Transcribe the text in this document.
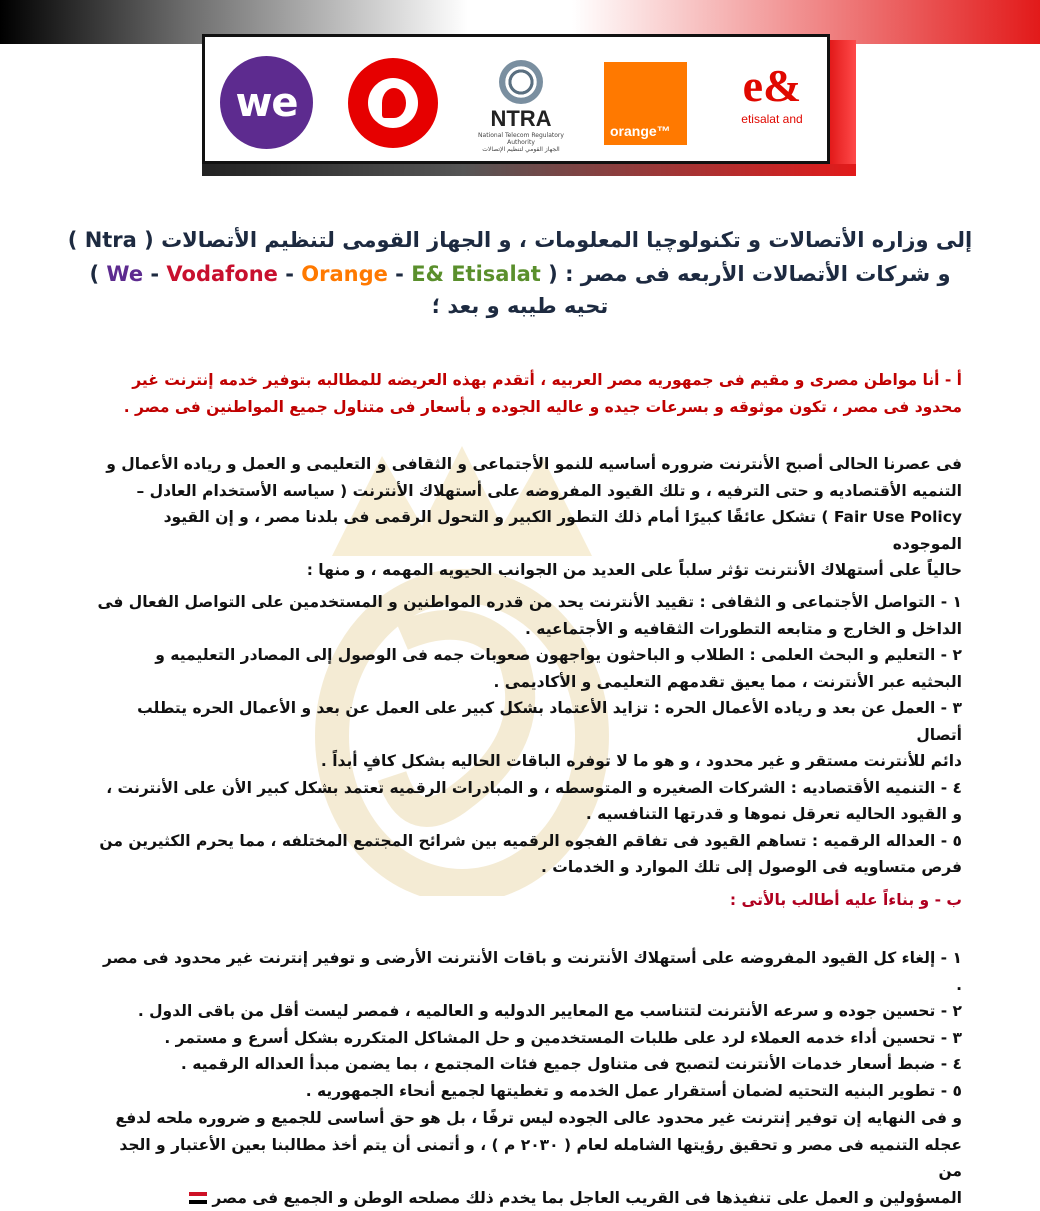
we	NTRA
National Telecom Regulatory Authority
الجهاز القومي لتنظيم الإتصالات
orange™
e&
etisalat and
إلى وزاره الأتصالات و تكنولوچيا المعلومات ، و الجهاز القومى لتنظيم الأتصالات ( Ntra )
و شركات الأتصالات الأربعه فى مصر : ( We - Vodafone - Orange - E& Etisalat )
تحيه طيبه و بعد ؛
أ - أنا مواطن مصرى و مقيم فى جمهوريه مصر العربيه ، أتقدم بهذه العريضه للمطالبه بتوفير خدمه إنترنت غير
محدود فى مصر ، تكون موثوقه و بسرعات جيده و عاليه الجوده و بأسعار فى متناول جميع المواطنين فى مصر .
فى عصرنا الحالى أصبح الأنترنت ضروره أساسيه للنمو الأجتماعى و الثقافى و التعليمى و العمل و رياده الأعمال و
التنميه الأقتصاديه و حتى الترفيه ، و تلك القيود المفروضه على أستهلاك الأنترنت ( سياسه الأستخدام العادل –
Fair Use Policy ) تشكل عائقًا كبيرًا أمام ذلك التطور الكبير و التحول الرقمى فى بلدنا مصر ، و إن القيود الموجوده
حالياً على أستهلاك الأنترنت تؤثر سلباً على العديد من الجوانب الحيويه المهمه ، و منها :
١ - التواصل الأجتماعى و الثقافى : تقييد الأنترنت يحد من قدره المواطنين و المستخدمين على التواصل الفعال فى
الداخل و الخارج و متابعه التطورات الثقافيه و الأجتماعيه .
٢ - التعليم و البحث العلمى : الطلاب و الباحثون يواجهون صعوبات جمه فى الوصول إلى المصادر التعليميه و
البحثيه عبر الأنترنت ، مما يعيق تقدمهم التعليمى و الأكاديمى .
٣ - العمل عن بعد و رياده الأعمال الحره : تزايد الأعتماد بشكل كبير على العمل عن بعد و الأعمال الحره يتطلب أتصال
دائم للأنترنت مستقر و غير محدود ، و هو ما لا توفره الباقات الحاليه بشكل كافٍ أبداً .
٤ - التنميه الأقتصاديه : الشركات الصغيره و المتوسطه ، و المبادرات الرقميه تعتمد بشكل كبير الأن على الأنترنت ،
و القيود الحاليه تعرقل نموها و قدرتها التنافسيه .
٥ - العداله الرقميه : تساهم القيود فى تفاقم الفجوه الرقميه بين شرائح المجتمع المختلفه ، مما يحرم الكثيرين من
فرص متساويه فى الوصول إلى تلك الموارد و الخدمات .
ب - و بناءاً عليه أطالب بالأتى :
١ - إلغاء كل القيود المفروضه على أستهلاك الأنترنت و باقات الأنترنت الأرضى و توفير إنترنت غير محدود فى مصر .
٢ - تحسين جوده و سرعه الأنترنت لتتناسب مع المعايير الدوليه و العالميه ، فمصر ليست أقل من باقى الدول .
٣ - تحسين أداء خدمه العملاء لرد على طلبات المستخدمين و حل المشاكل المتكرره بشكل أسرع و مستمر .
٤ - ضبط أسعار خدمات الأنترنت لتصبح فى متناول جميع فئات المجتمع ، بما يضمن مبدأ العداله الرقميه .
٥ - تطوير البنيه التحتيه لضمان أستقرار عمل الخدمه و تغطيتها لجميع أنحاء الجمهوريه .
و فى النهايه إن توفير إنترنت غير محدود عالى الجوده ليس ترفًا ، بل هو حق أساسى للجميع و ضروره ملحه لدفع
عجله التنميه فى مصر و تحقيق رؤيتها الشامله لعام ( ٢٠٣٠ م ) ، و أتمنى أن يتم أخذ مطالبنا بعين الأعتبار و الجد من
المسؤولين و العمل على تنفيذها فى القريب العاجل بما يخدم ذلك مصلحه الوطن و الجميع فى مصر
